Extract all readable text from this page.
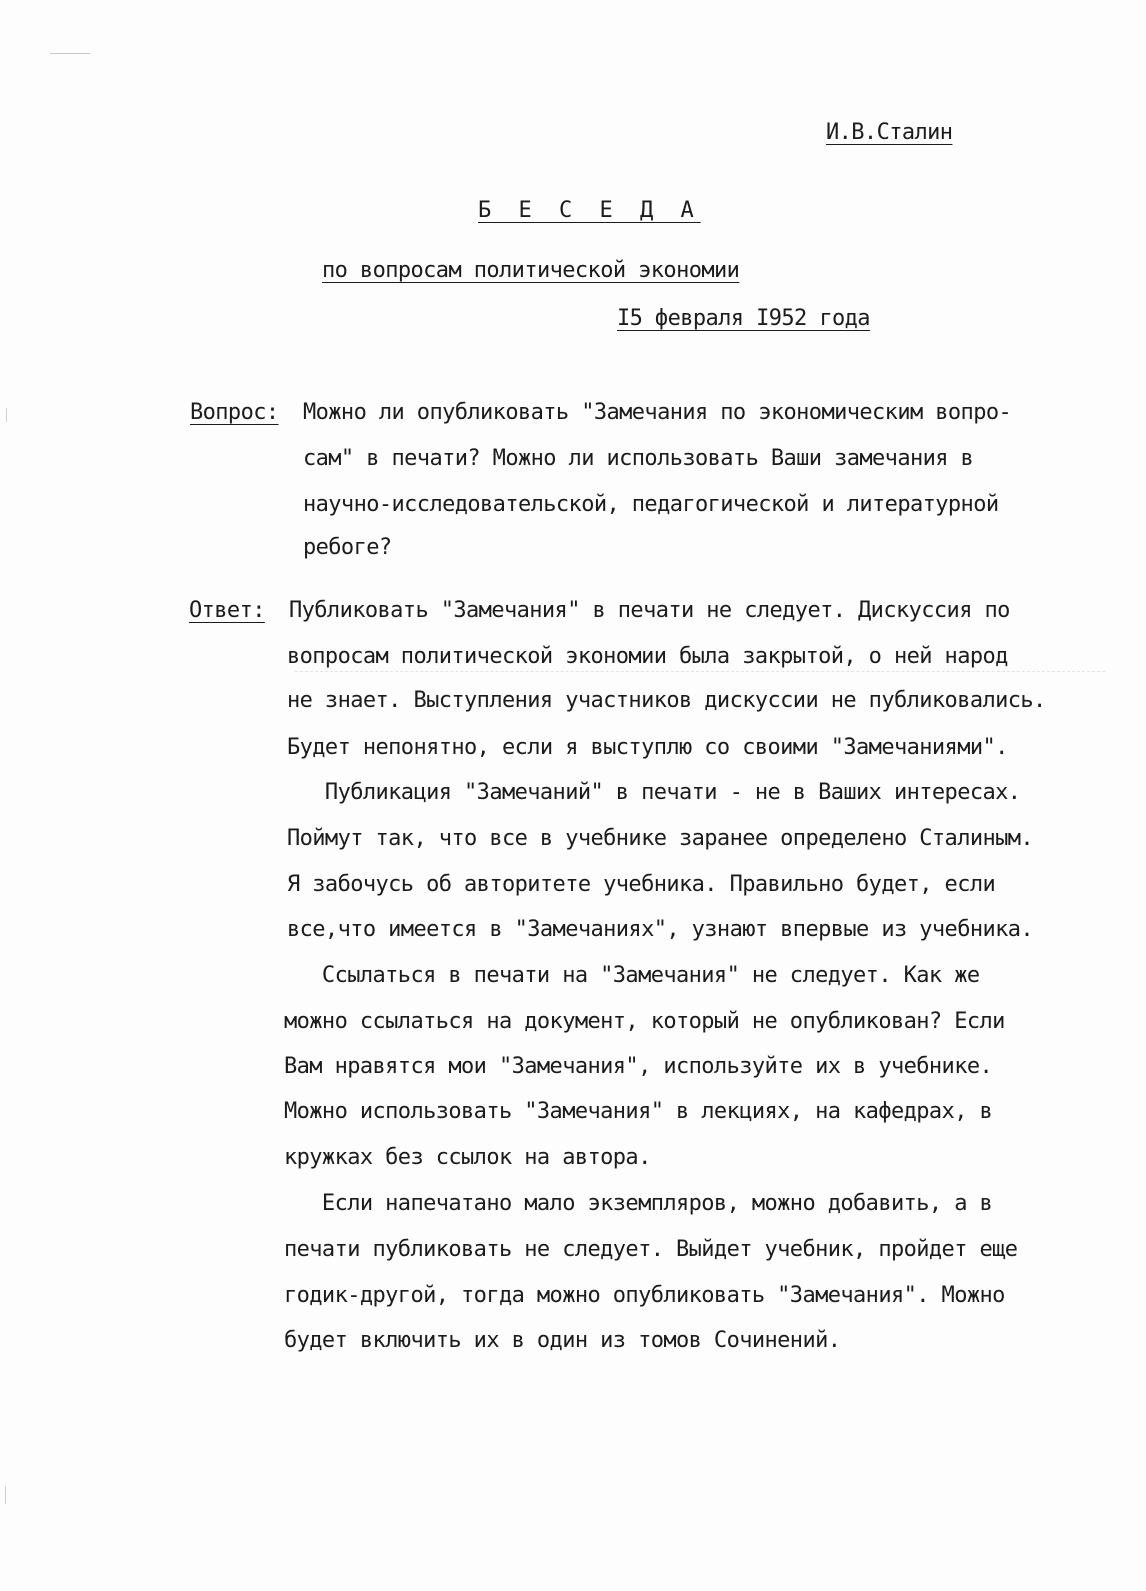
И.В.Сталин
Б Е С Е Д А
по вопросам политической экономии
I5 февраля I952 года
Вопрос: Можно ли опубликовать "Замечания по экономическим вопро-
сам" в печати? Можно ли использовать Ваши замечания в
научно-исследовательской, педагогической и литературной
ребоге?
Ответ: Публиковать "Замечания" в печати не следует. Дискуссия по
вопросам политической экономии была закрытой, о ней народ
не знает. Выступления участников дискуссии не публиковались.
Будет непонятно, если я выступлю со своими "Замечаниями".
Публикация "Замечаний" в печати - не в Ваших интересах.
Поймут так, что все в учебнике заранее определено Сталиным.
Я забочусь об авторитете учебника. Правильно будет, если
все,что имеется в "Замечаниях", узнают впервые из учебника.
Ссылаться в печати на "Замечания" не следует. Как же
можно ссылаться на документ, который не опубликован? Если
Вам нравятся мои "Замечания", используйте их в учебнике.
Можно использовать "Замечания" в лекциях, на кафедрах, в
кружках без ссылок на автора.
Если напечатано мало экземпляров, можно добавить, а в
печати публиковать не следует. Выйдет учебник, пройдет еще
годик-другой, тогда можно опубликовать "Замечания". Можно
будет включить их в один из томов Сочинений.
